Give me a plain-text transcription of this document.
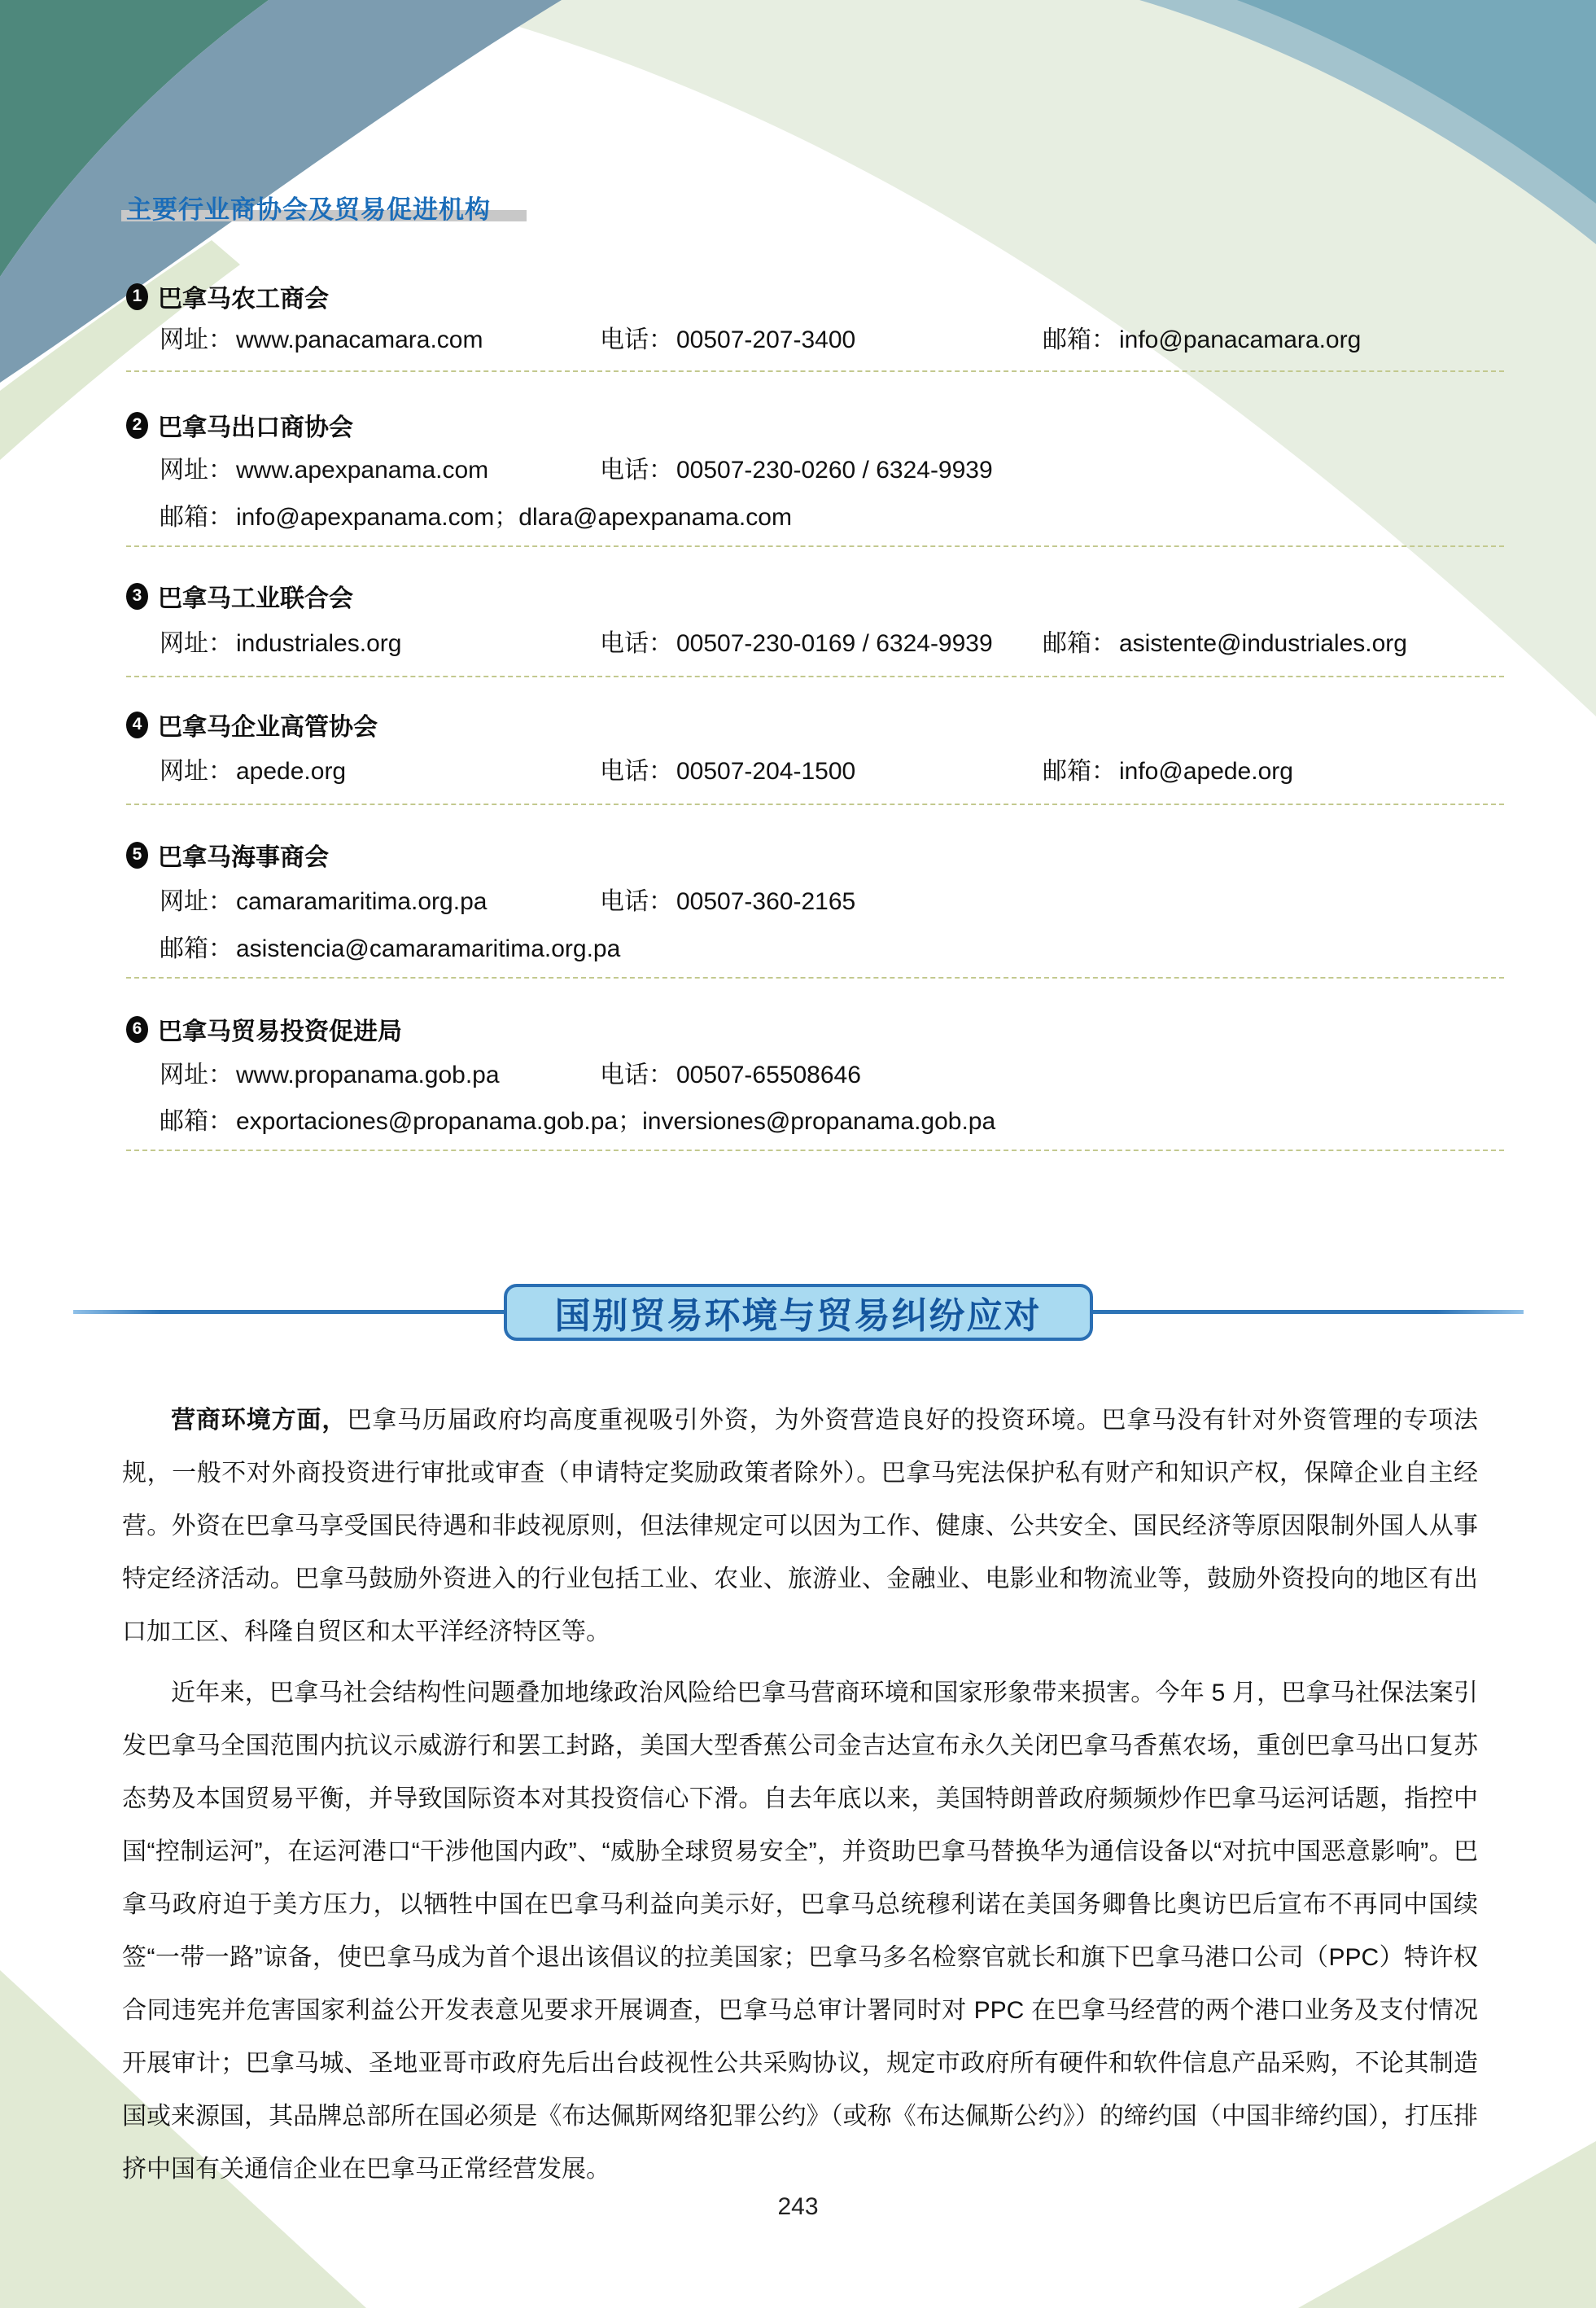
主要行业商协会及贸易促进机构
1 巴拿马农工商会
网址： www.panacamara.com	电话： 00507-207-3400	邮箱： info@panacamara.org
2 巴拿马出口商协会
网址： www.apexpanama.com	电话： 00507-230-0260 / 6324-9939
邮箱： info@apexpanama.com；dlara@apexpanama.com
3 巴拿马工业联合会
网址： industriales.org	电话： 00507-230-0169 / 6324-9939 邮箱： asistente@industriales.org
4 巴拿马企业高管协会
网址： apede.org	电话： 00507-204-1500	邮箱： info@apede.org
5 巴拿马海事商会
网址： camaramaritima.org.pa	电话： 00507-360-2165
邮箱： asistencia@camaramaritima.org.pa
6 巴拿马贸易投资促进局
网址： www.propanama.gob.pa	电话： 00507-65508646
邮箱： exportaciones@propanama.gob.pa；inversiones@propanama.gob.pa
国别贸易环境与贸易纠纷应对

营商环境方面，巴拿马历届政府均高度重视吸引外资，为外资营造良好的投资环境。巴拿马没有针对外资管理的专项法规，一般不对外商投资进行审批或审查（申请特定奖励政策者除外）。巴拿马宪法保护私有财产和知识产权，保障企业自主经营。外资在巴拿马享受国民待遇和非歧视原则，但法律规定可以因为工作、健康、公共安全、国民经济等原因限制外国人从事特定经济活动。巴拿马鼓励外资进入的行业包括工业、农业、旅游业、金融业、电影业和物流业等，鼓励外资投向的地区有出口加工区、科隆自贸区和太平洋经济特区等。

近年来，巴拿马社会结构性问题叠加地缘政治风险给巴拿马营商环境和国家形象带来损害。今年 5 月，巴拿马社保法案引发巴拿马全国范围内抗议示威游行和罢工封路，美国大型香蕉公司金吉达宣布永久关闭巴拿马香蕉农场，重创巴拿马出口复苏态势及本国贸易平衡，并导致国际资本对其投资信心下滑。自去年底以来，美国特朗普政府频频炒作巴拿马运河话题，指控中国“控制运河”，在运河港口“干涉他国内政”、“威胁全球贸易安全”，并资助巴拿马替换华为通信设备以“对抗中国恶意影响”。巴拿马政府迫于美方压力，以牺牲中国在巴拿马利益向美示好，巴拿马总统穆利诺在美国务卿鲁比奥访巴后宣布不再同中国续签“一带一路”谅备，使巴拿马成为首个退出该倡议的拉美国家；巴拿马多名检察官就长和旗下巴拿马港口公司（PPC）特许权合同违宪并危害国家利益公开发表意见要求开展调查，巴拿马总审计署同时对 PPC 在巴拿马经营的两个港口业务及支付情况开展审计；巴拿马城、圣地亚哥市政府先后出台歧视性公共采购协议，规定市政府所有硬件和软件信息产品采购，不论其制造国或来源国，其品牌总部所在国必须是《布达佩斯网络犯罪公约》（或称《布达佩斯公约》）的缔约国（中国非缔约国），打压排挤中国有关通信企业在巴拿马正常经营发展。

243
